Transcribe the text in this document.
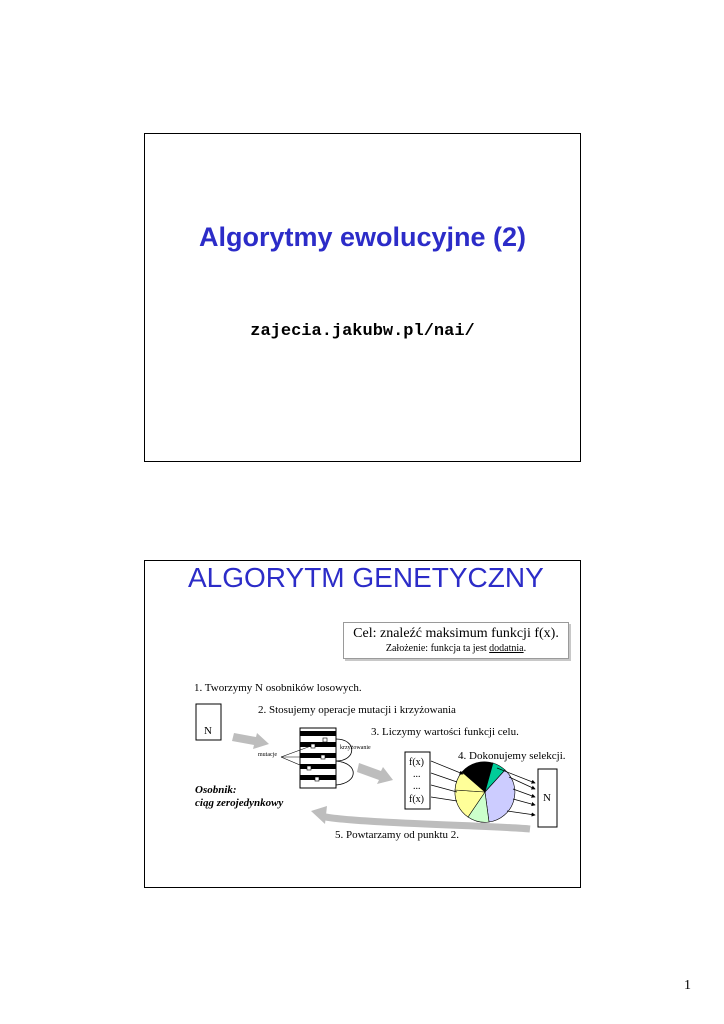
Algorytmy ewolucyjne (2)
zajecia.jakubw.pl/nai/
ALGORYTM GENETYCZNY
Cel: znaleźć maksimum funkcji f(x).
Założenie: funkcja ta jest dodatnia.
1. Tworzymy N osobników losowych.
2. Stosujemy operacje mutacji i krzyżowania
3. Liczymy wartości funkcji celu.
4. Dokonujemy selekcji.
5. Powtarzamy od punktu 2.
N
N
mutacje
krzyżowanie
f(x)
...
...
f(x)
Osobnik:
ciąg zerojedynkowy
1
